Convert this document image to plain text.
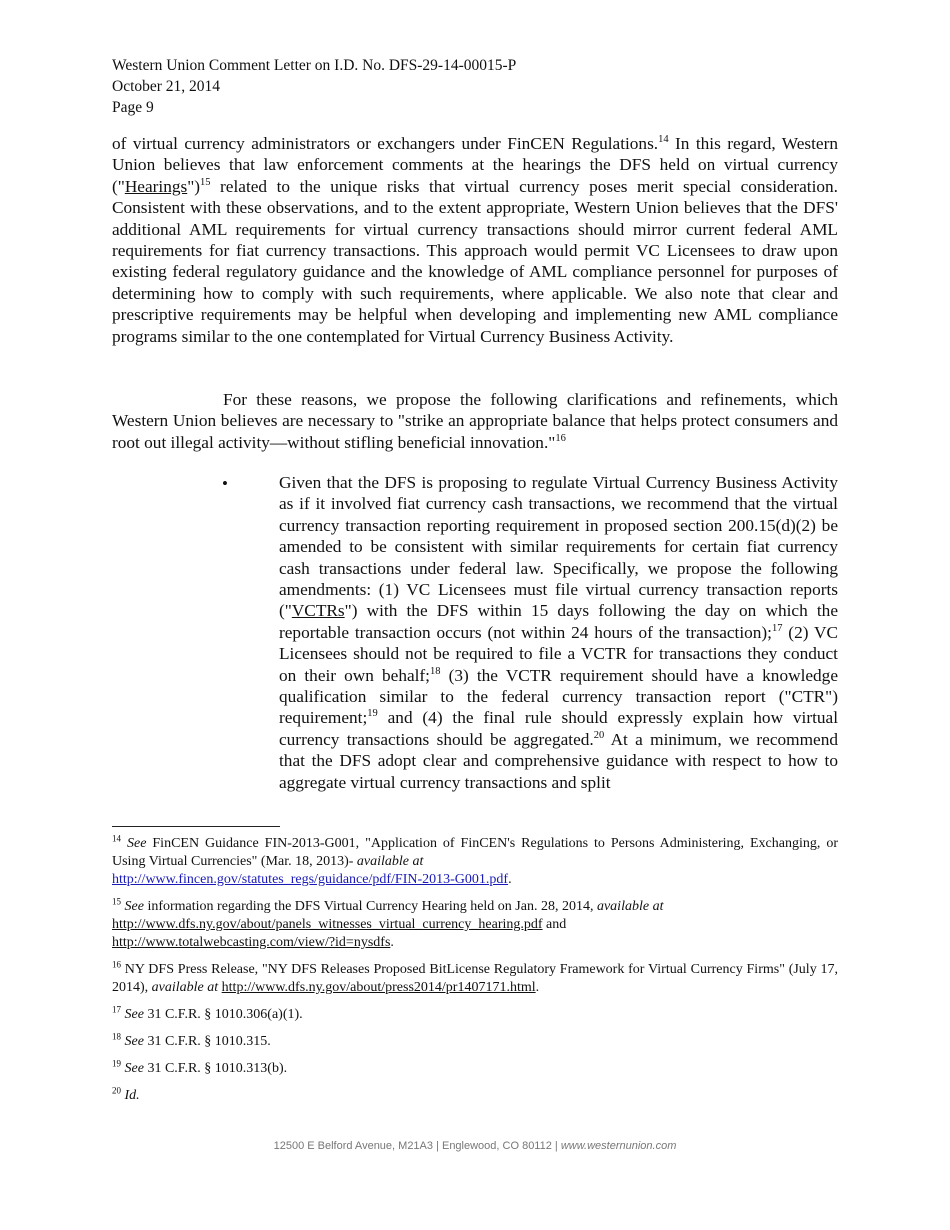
Western Union Comment Letter on I.D. No. DFS-29-14-00015-P
October 21, 2014
Page 9
of virtual currency administrators or exchangers under FinCEN Regulations.$^{14}$ In this regard, Western Union believes that law enforcement comments at the hearings the DFS held on virtual currency ("Hearings")$^{15}$ related to the unique risks that virtual currency poses merit special consideration. Consistent with these observations, and to the extent appropriate, Western Union believes that the DFS' additional AML requirements for virtual currency transactions should mirror current federal AML requirements for fiat currency transactions. This approach would permit VC Licensees to draw upon existing federal regulatory guidance and the knowledge of AML compliance personnel for purposes of determining how to comply with such requirements, where applicable. We also note that clear and prescriptive requirements may be helpful when developing and implementing new AML compliance programs similar to the one contemplated for Virtual Currency Business Activity.
For these reasons, we propose the following clarifications and refinements, which Western Union believes are necessary to "strike an appropriate balance that helps protect consumers and root out illegal activity—without stifling beneficial innovation."$^{16}$
•	Given that the DFS is proposing to regulate Virtual Currency Business Activity as if it involved fiat currency cash transactions, we recommend that the virtual currency transaction reporting requirement in proposed section 200.15(d)(2) be amended to be consistent with similar requirements for certain fiat currency cash transactions under federal law. Specifically, we propose the following amendments: (1) VC Licensees must file virtual currency transaction reports ("VCTRs") with the DFS within 15 days following the day on which the reportable transaction occurs (not within 24 hours of the transaction);$^{17}$ (2) VC Licensees should not be required to file a VCTR for transactions they conduct on their own behalf;$^{18}$ (3) the VCTR requirement should have a knowledge qualification similar to the federal currency transaction report ("CTR") requirement;$^{19}$ and (4) the final rule should expressly explain how virtual currency transactions should be aggregated.$^{20}$ At a minimum, we recommend that the DFS adopt clear and comprehensive guidance with respect to how to aggregate virtual currency transactions and split
$^{14}$ See FinCEN Guidance FIN-2013-G001, "Application of FinCEN's Regulations to Persons Administering, Exchanging, or Using Virtual Currencies" (Mar. 18, 2013)- available at
http://www.fincen.gov/statutes_regs/guidance/pdf/FIN-2013-G001.pdf.
$^{15}$ See information regarding the DFS Virtual Currency Hearing held on Jan. 28, 2014, available at
http://www.dfs.ny.gov/about/panels_witnesses_virtual_currency_hearing.pdf and
http://www.totalwebcasting.com/view/?id=nysdfs.
$^{16}$ NY DFS Press Release, "NY DFS Releases Proposed BitLicense Regulatory Framework for Virtual Currency Firms" (July 17, 2014), available at http://www.dfs.ny.gov/about/press2014/pr1407171.html.
$^{17}$ See 31 C.F.R. § 1010.306(a)(1).
$^{18}$ See 31 C.F.R. § 1010.315.
$^{19}$ See 31 C.F.R. § 1010.313(b).
$^{20}$ Id.
12500 E Belford Avenue, M21A3 | Englewood, CO 80112 | www.westernunion.com
